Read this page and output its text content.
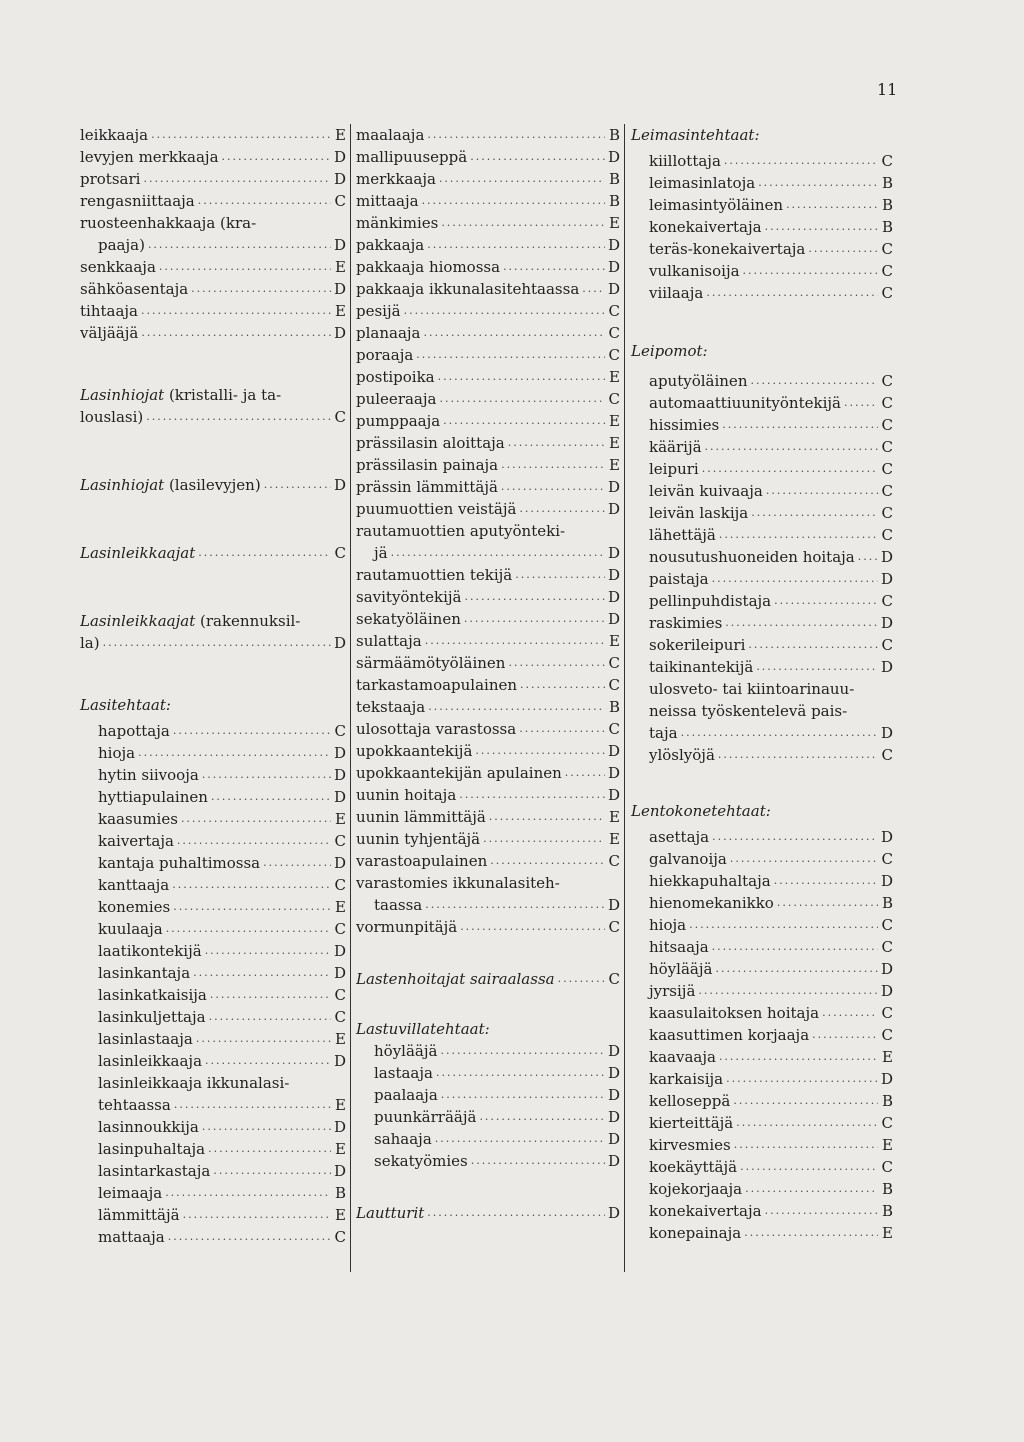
11
leikkaaja .....	E
levyjen merkkaaja .....	D
protsari .....	D
rengasniittaaja .....	C
ruosteenhakkaaja (kra-
paaja) .....	D
senkkaaja .....	E
sähköasentaja .....	D
tihtaaja .....	E
väljääjä .....	D
Lasinhiojat (kristalli- ja ta-
louslasi) .....	C
Lasinhiojat (lasilevyjen) .....	D
Lasinleikkaajat .....	C
Lasinleikkaajat (rakennuksil-
la) .....	D
Lasitehtaat:
hapottaja .....	C
hioja .....	D
hytin siivooja .....	D
hyttiapulainen .....	D
kaasumies .....	E
kaivertaja .....	C
kantaja puhaltimossa .....	D
kanttaaja .....	C
konemies .....	E
kuulaaja .....	C
laatikontekijä .....	D
lasinkantaja .....	D
lasinkatkaisija .....	C
lasinkuljettaja .....	C
lasinlastaaja .....	E
lasinleikkaaja .....	D
lasinleikkaaja ikkunalasi-
tehtaassa .....	E
lasinnoukkija .....	D
lasinpuhaltaja .....	E
lasintarkastaja .....	D
leimaaja .....	B
lämmittäjä .....	E
mattaaja .....	C
maalaaja .....	B
mallipuuseppä .....	D
merkkaaja .....	B
mittaaja .....	B
mänkimies .....	E
pakkaaja .....	D
pakkaaja hiomossa .....	D
pakkaaja ikkunalasitehtaassa ..... D
pesijä .....	C
planaaja .....	C
poraaja .....	C
postipoika .....	E
puleeraaja .....	C
pumppaaja .....	E
prässilasin aloittaja .....	E
prässilasin painaja .....	E
prässin lämmittäjä .....	D
puumuottien veistäjä .....	D
rautamuottien aputyönteki-
jä .....	D
rautamuottien tekijä .....	D
savityöntekijä .....	D
sekatyöläinen .....	D
sulattaja .....	E
särmäämötyöläinen .....	C
tarkastamoapulainen .....	C
tekstaaja .....	B
ulosottaja varastossa .....	C
upokkaantekijä .....	D
upokkaantekijän apulainen .....	D
uunin hoitaja .....	D
uunin lämmittäjä .....	E
uunin tyhjentäjä .....	E
varastoapulainen .....	C
varastomies ikkunalasiteh-
taassa .....	D
vormunpitäjä .....	C
Lastenhoitajat sairaalassa .....	C
Lastuvillatehtaat:
höylääjä .....	D
lastaaja .....	D
paalaaja .....	D
puunkärrääjä .....	D
sahaaja .....	D
sekatyömies .....	D
Lautturit .....	D
Leimasintehtaat:
kiillottaja .....	C
leimasinlatoja .....	B
leimasintyöläinen .....	B
konekaivertaja .....	B
teräs-konekaivertaja .....	C
vulkanisoija .....	C
viilaaja .....	C
Leipomot:
aputyöläinen .....	C
automaattiuunityöntekijä .....	C
hissimies .....	C
käärijä .....	C
leipuri .....	C
leivän kuivaaja .....	C
leivän laskija .....	C
lähettäjä .....	C
nousutushuoneiden hoitaja ..... D
paistaja .....	D
pellinpuhdistaja .....	C
raskimies .....	D
sokerileipuri .....	C
taikinantekijä .....	D
ulosveto- tai kiintoarinauu-
neissa työskentelevä pais-
taja .....	D
ylöslyöjä .....	C
Lentokonetehtaat:
asettaja .....	D
galvanoija .....	C
hiekkapuhaltaja .....	D
hienomekanikko .....	B
hioja .....	C
hitsaaja .....	C
höylääjä .....	D
jyrsijä .....	D
kaasulaitoksen hoitaja .....	C
kaasuttimen korjaaja .....	C
kaavaaja .....	E
karkaisija .....	D
kelloseppä .....	B
kierteittäjä .....	C
kirvesmies .....	E
koekäyttäjä .....	C
kojekorjaaja .....	B
konekaivertaja .....	B
konepainaja .....	E
